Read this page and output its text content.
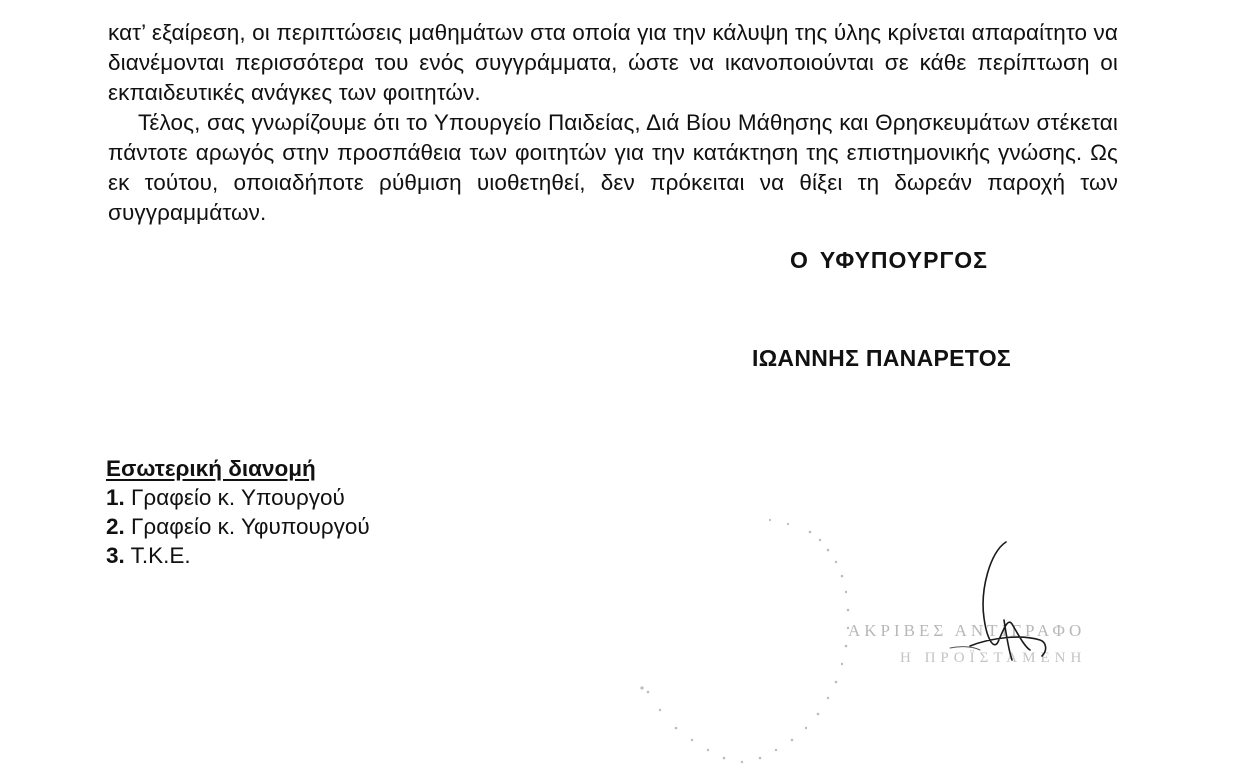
κατ’ εξαίρεση, οι περιπτώσεις μαθημάτων στα οποία για την κάλυψη της ύλης κρίνεται απαραίτητο να διανέμονται περισσότερα του ενός συγγράμματα, ώστε να ικανοποιούνται σε κάθε περίπτωση οι εκπαιδευτικές ανάγκες των φοιτητών.

Τέλος, σας γνωρίζουμε ότι το Υπουργείο Παιδείας, Διά Βίου Μάθησης και Θρησκευμάτων στέκεται πάντοτε αρωγός στην προσπάθεια των φοιτητών για την κατάκτηση της επιστημονικής γνώσης. Ως εκ τούτου, οποιαδήποτε ρύθμιση υιοθετηθεί, δεν πρόκειται να θίξει τη δωρεάν παροχή των συγγραμμάτων.

Ο ΥΦΥΠΟΥΡΓΟΣ
ΙΩΑΝΝΗΣ ΠΑΝΑΡΕΤΟΣ
Εσωτερική διανομή
1. Γραφείο κ. Υπουργού
2. Γραφείο κ. Υφυπουργού
3. Τ.Κ.Ε.
ΑΚΡΙΒΕΣ ΑΝΤΙΓΡΑΦΟ
Η ΠΡΟΪΣΤΑΜΕΝΗ
